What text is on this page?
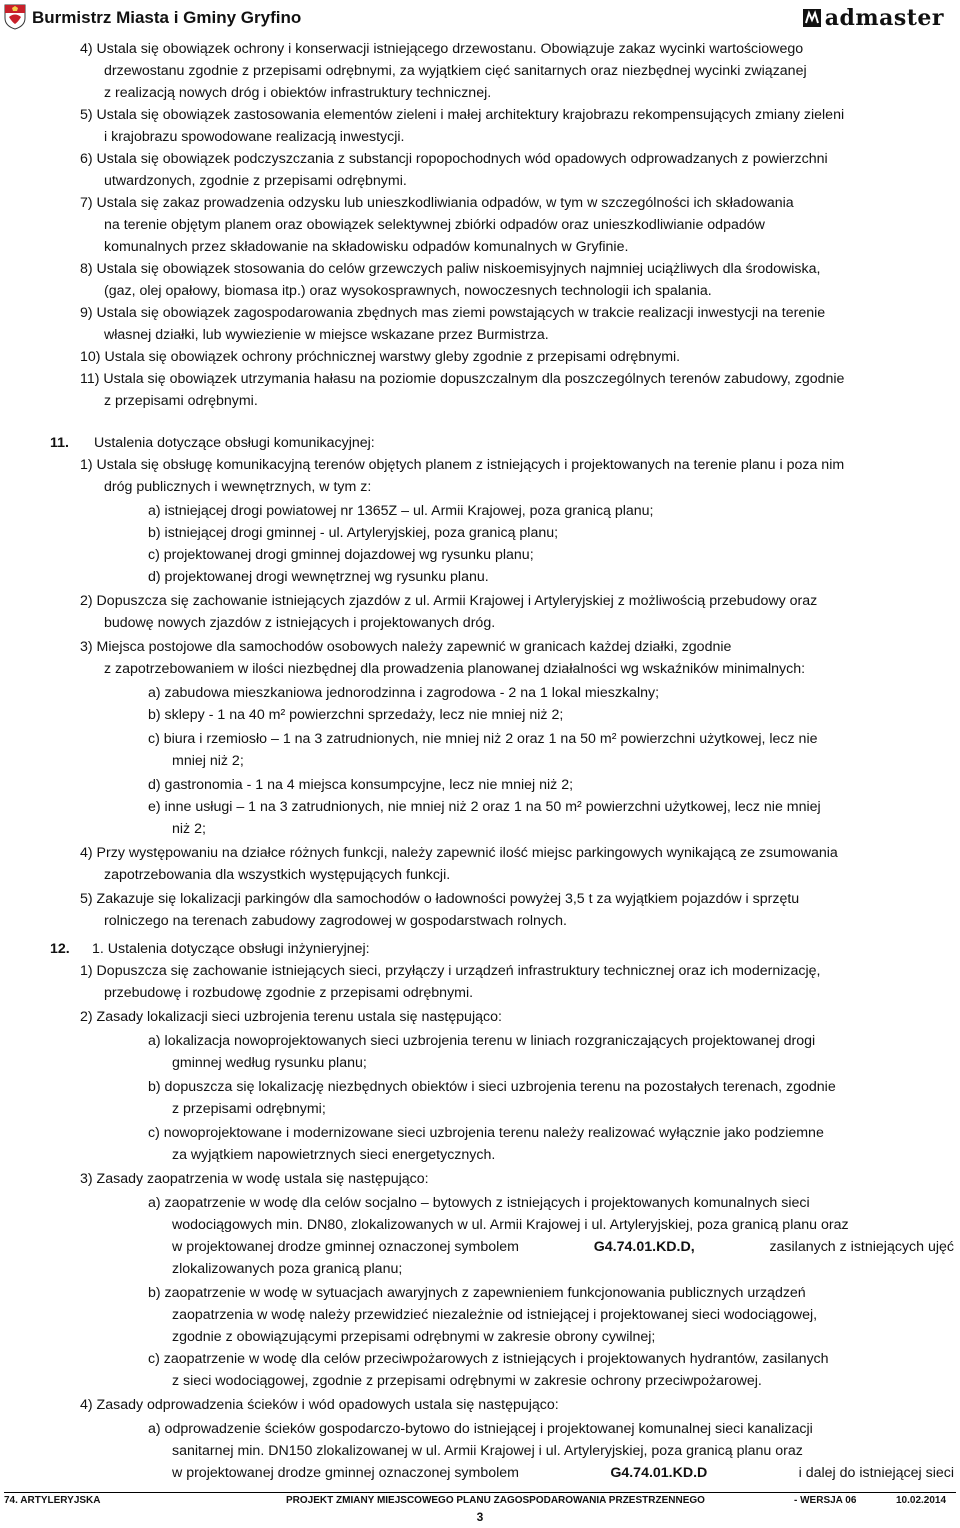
Burmistrz Miasta i Gminy Gryfino	admaster
4) Ustala się obowiązek ochrony i konserwacji istniejącego drzewostanu. Obowiązuje zakaz wycinki wartościowego
drzewostanu zgodnie z przepisami odrębnymi, za wyjątkiem cięć sanitarnych oraz niezbędnej wycinki związanej
z realizacją nowych dróg i obiektów infrastruktury technicznej.
5) Ustala się obowiązek zastosowania elementów zieleni i małej architektury krajobrazu rekompensujących zmiany zieleni
i krajobrazu spowodowane realizacją inwestycji.
6) Ustala się obowiązek podczyszczania z substancji ropopochodnych wód opadowych odprowadzanych z powierzchni
utwardzonych, zgodnie z przepisami odrębnymi.
7) Ustala się zakaz prowadzenia odzysku lub unieszkodliwiania odpadów, w tym w szczególności ich składowania
na terenie objętym planem oraz obowiązek selektywnej zbiórki odpadów oraz unieszkodliwianie odpadów
komunalnych przez składowanie na składowisku odpadów komunalnych w Gryfinie.
8) Ustala się obowiązek stosowania do celów grzewczych paliw niskoemisyjnych najmniej uciążliwych dla środowiska,
(gaz, olej opałowy, biomasa itp.) oraz wysokosprawnych, nowoczesnych technologii ich spalania.
9) Ustala się obowiązek zagospodarowania zbędnych mas ziemi powstających w trakcie realizacji inwestycji na terenie
własnej działki, lub wywiezienie w miejsce wskazane przez Burmistrza.
10) Ustala się obowiązek ochrony próchnicznej warstwy gleby zgodnie z przepisami odrębnymi.
11) Ustala się obowiązek utrzymania hałasu na poziomie dopuszczalnym dla poszczególnych terenów zabudowy, zgodnie
z przepisami odrębnymi.
11. Ustalenia dotyczące obsługi komunikacyjnej:
1) Ustala się obsługę komunikacyjną terenów objętych planem z istniejących i projektowanych na terenie planu i poza nim
dróg publicznych i wewnętrznych, w tym z:
a) istniejącej drogi powiatowej nr 1365Z – ul. Armii Krajowej, poza granicą planu;
b) istniejącej drogi gminnej - ul. Artyleryjskiej, poza granicą planu;
c) projektowanej drogi gminnej dojazdowej wg rysunku planu;
d) projektowanej drogi wewnętrznej wg rysunku planu.
2) Dopuszcza się zachowanie istniejących zjazdów z ul. Armii Krajowej i Artyleryjskiej z możliwością przebudowy oraz
budowę nowych zjazdów z istniejących i projektowanych dróg.
3) Miejsca postojowe dla samochodów osobowych należy zapewnić w granicach każdej działki, zgodnie
z zapotrzebowaniem w ilości niezbędnej dla prowadzenia planowanej działalności wg wskaźników minimalnych:
a) zabudowa mieszkaniowa jednorodzinna i zagrodowa - 2 na 1 lokal mieszkalny;
b) sklepy - 1 na 40 m² powierzchni sprzedaży, lecz nie mniej niż 2;
c) biura i rzemiosło – 1 na 3 zatrudnionych, nie mniej niż 2 oraz 1 na 50 m² powierzchni użytkowej, lecz nie
mniej niż 2;
d) gastronomia - 1 na 4 miejsca konsumpcyjne, lecz nie mniej niż 2;
e) inne usługi – 1 na 3 zatrudnionych, nie mniej niż 2 oraz 1 na 50 m² powierzchni użytkowej, lecz nie mniej
niż 2;
4) Przy występowaniu na działce różnych funkcji, należy zapewnić ilość miejsc parkingowych wynikającą ze zsumowania
zapotrzebowania dla wszystkich występujących funkcji.
5) Zakazuje się lokalizacji parkingów dla samochodów o ładowności powyżej 3,5 t za wyjątkiem pojazdów i sprzętu
rolniczego na terenach zabudowy zagrodowej w gospodarstwach rolnych.
12. 1. Ustalenia dotyczące obsługi inżynieryjnej:
1) Dopuszcza się zachowanie istniejących sieci, przyłączy i urządzeń infrastruktury technicznej oraz ich modernizację,
przebudowę i rozbudowę zgodnie z przepisami odrębnymi.
2) Zasady lokalizacji sieci uzbrojenia terenu ustala się następująco:
a) lokalizacja nowoprojektowanych sieci uzbrojenia terenu w liniach rozgraniczających projektowanej drogi
gminnej według rysunku planu;
b) dopuszcza się lokalizację niezbędnych obiektów i sieci uzbrojenia terenu na pozostałych terenach, zgodnie
z przepisami odrębnymi;
c) nowoprojektowane i modernizowane sieci uzbrojenia terenu należy realizować wyłącznie jako podziemne
za wyjątkiem napowietrznych sieci energetycznych.
3) Zasady zaopatrzenia w wodę ustala się następująco:
a) zaopatrzenie w wodę dla celów socjalno – bytowych z istniejących i projektowanych komunalnych sieci
wodociągowych min. DN80, zlokalizowanych w ul. Armii Krajowej i ul. Artyleryjskiej, poza granicą planu oraz
w projektowanej drodze gminnej oznaczonej symbolem	G4.74.01.KD.D,	zasilanych z istniejących ujęć
zlokalizowanych poza granicą planu;
b) zaopatrzenie w wodę w sytuacjach awaryjnych z zapewnieniem funkcjonowania publicznych urządzeń
zaopatrzenia w wodę należy przewidzieć niezależnie od istniejącej i projektowanej sieci wodociągowej,
zgodnie z obowiązującymi przepisami odrębnymi w zakresie obrony cywilnej;
c) zaopatrzenie w wodę dla celów przeciwpożarowych z istniejących i projektowanych hydrantów, zasilanych
z sieci wodociągowej, zgodnie z przepisami odrębnymi w zakresie ochrony przeciwpożarowej.
4) Zasady odprowadzenia ścieków i wód opadowych ustala się następująco:
a) odprowadzenie ścieków gospodarczo-bytowo do istniejącej i projektowanej komunalnej sieci kanalizacji
sanitarnej min. DN150 zlokalizowanej w ul. Armii Krajowej i ul. Artyleryjskiej, poza granicą planu oraz
w projektowanej drodze gminnej oznaczonej symbolem	G4.74.01.KD.D	i dalej do istniejącej sieci
74. ARTYLERYJSKA	PROJEKT ZMIANY MIEJSCOWEGO PLANU ZAGOSPODAROWANIA PRZESTRZENNEGO	- WERSJA 06	10.02.2014
3
